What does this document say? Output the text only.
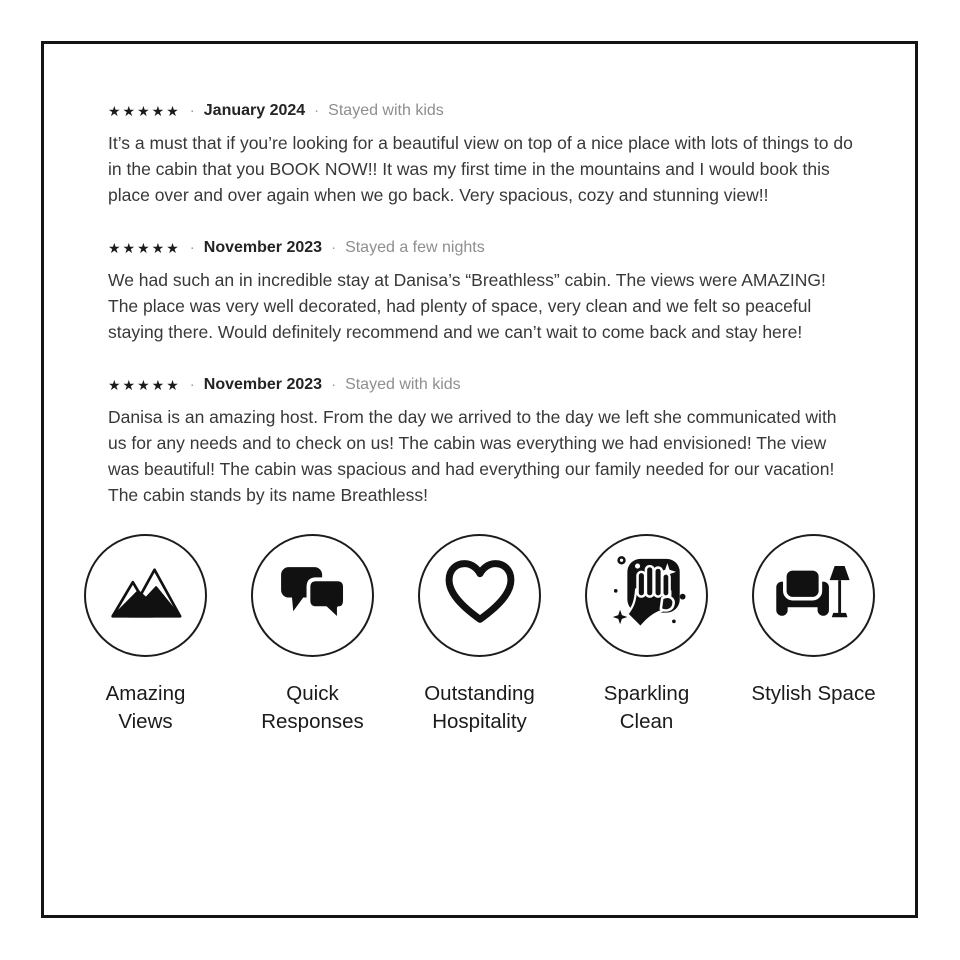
★★★★★ · January 2024 · Stayed with kids

It’s a must that if you’re looking for a beautiful view on top of a nice place with lots of things to do in the cabin that you BOOK NOW!! It was my first time in the mountains and I would book this place over and over again when we go back. Very spacious, cozy and stunning view!!

★★★★★ · November 2023 · Stayed a few nights

We had such an in incredible stay at Danisa’s “Breathless” cabin. The views were AMAZING! The place was very well decorated, had plenty of space, very clean and we felt so peaceful staying there. Would definitely recommend and we can’t wait to come back and stay here!

★★★★★ · November 2023 · Stayed with kids

Danisa is an amazing host. From the day we arrived to the day we left she communicated with us for any needs and to check on us! The cabin was everything we had envisioned! The view was beautiful! The cabin was spacious and had everything our family needed for our vacation! The cabin stands by its name Breathless!

Amazing Views
Quick Responses
Outstanding Hospitality
Sparkling Clean
Stylish Space
